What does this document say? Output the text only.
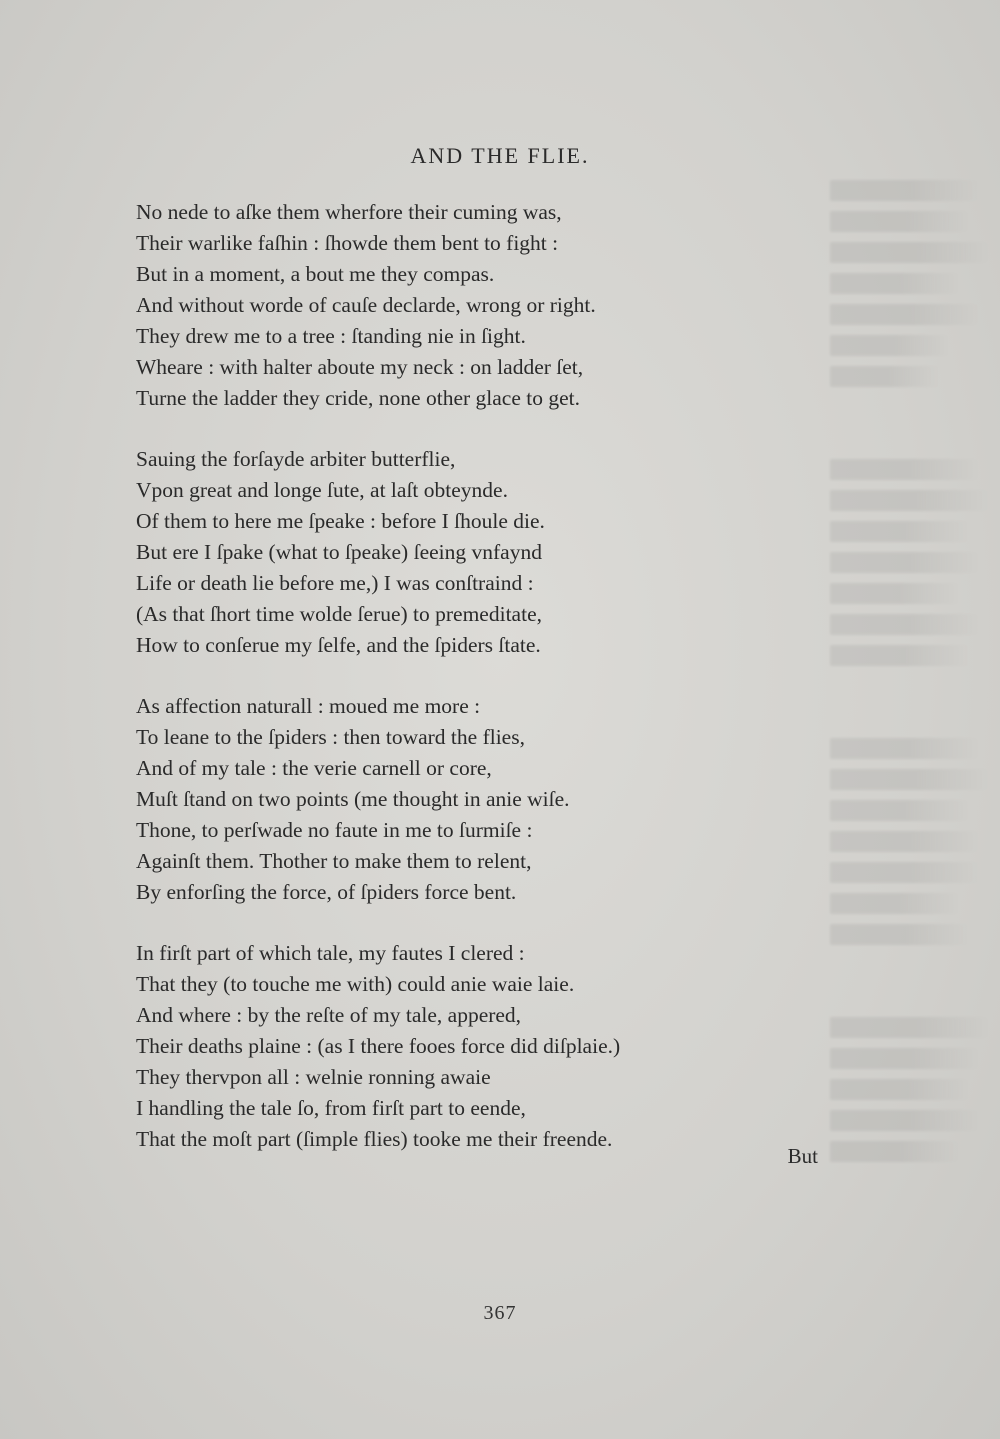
AND THE FLIE.
No nede to aſke them wherfore their cuming was,
Their warlike faſhin : ſhowde them bent to fight :
But in a moment, a bout me they compas.
And without worde of cauſe declarde, wrong or right.
They drew me to a tree : ſtanding nie in ſight.
Wheare : with halter aboute my neck : on ladder ſet,
Turne the ladder they cride, none other glace to get.
Sauing the forſayde arbiter butterflie,
Vpon great and longe ſute, at laſt obteynde.
Of them to here me ſpeake : before I ſhoule die.
But ere I ſpake (what to ſpeake) ſeeing vnfaynd
Life or death lie before me,) I was conſtraind :
(As that ſhort time wolde ſerue) to premeditate,
How to conſerue my ſelfe, and the ſpiders ſtate.
As affection naturall : moued me more :
To leane to the ſpiders : then toward the flies,
And of my tale : the verie carnell or core,
Muſt ſtand on two points (me thought in anie wiſe.
Thone, to perſwade no faute in me to ſurmiſe :
Againſt them. Thother to make them to relent,
By enforſing the force, of ſpiders force bent.
In firſt part of which tale, my fautes I clered :
That they (to touche me with) could anie waie laie.
And where : by the reſte of my tale, appered,
Their deaths plaine : (as I there fooes force did diſplaie.)
They thervpon all : welnie ronning awaie
I handling the tale ſo, from firſt part to eende,
That the moſt part (ſimple flies) tooke me their freende.
But
367
